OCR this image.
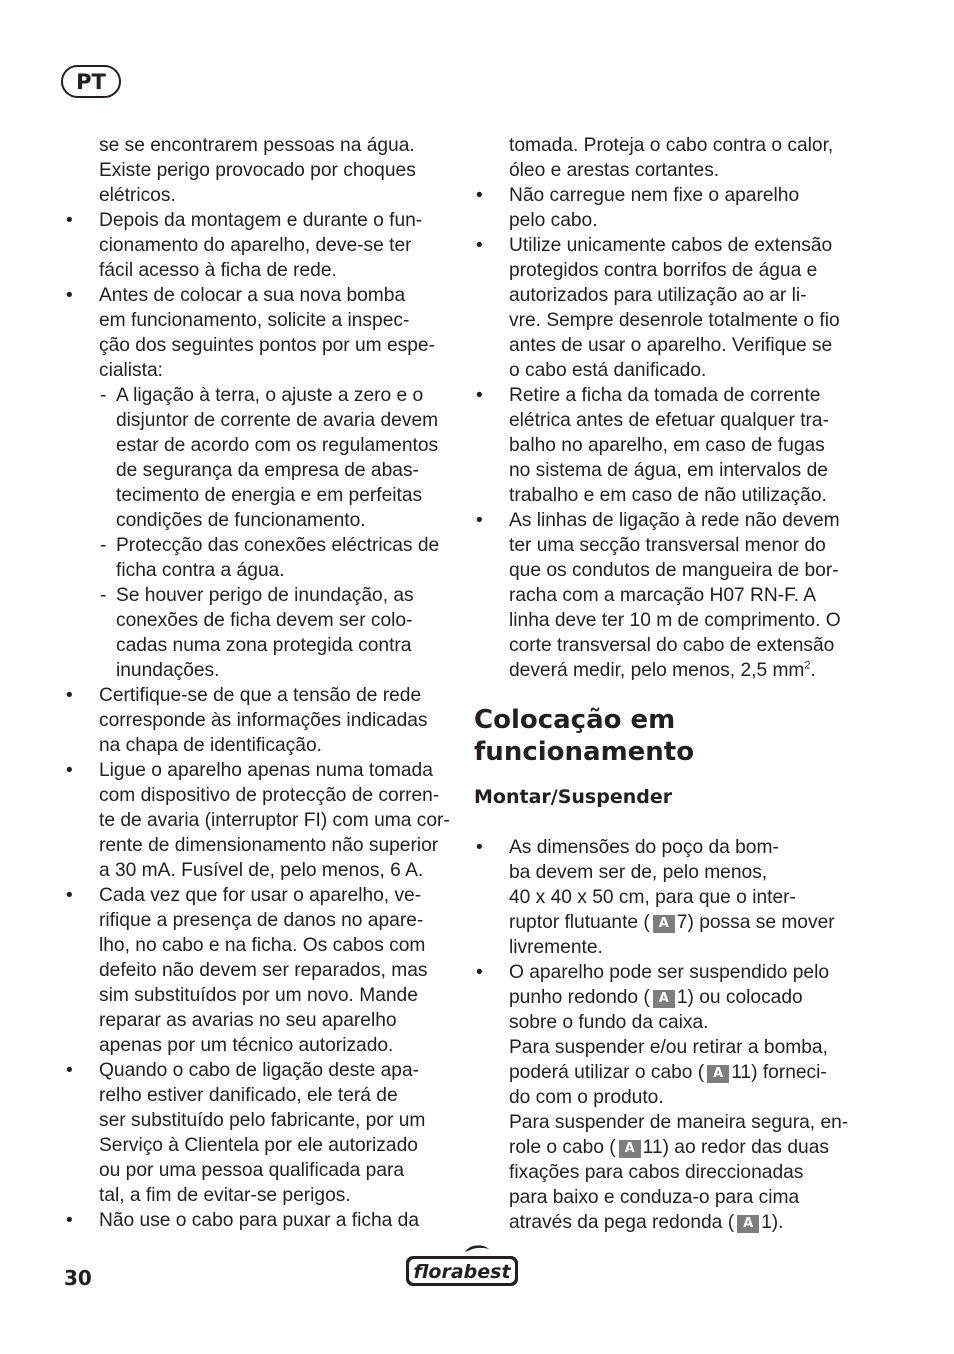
PT
se se encontrarem pessoas na água.
Existe perigo provocado por choques
elétricos.
• Depois da montagem e durante o fun-
cionamento do aparelho, deve-se ter
fácil acesso à ficha de rede.
• Antes de colocar a sua nova bomba
em funcionamento, solicite a inspec-
ção dos seguintes pontos por um espe-
cialista:
- A ligação à terra, o ajuste a zero e o
disjuntor de corrente de avaria devem
estar de acordo com os regulamentos
de segurança da empresa de abas-
tecimento de energia e em perfeitas
condições de funcionamento.
- Protecção das conexões eléctricas de
ficha contra a água.
- Se houver perigo de inundação, as
conexões de ficha devem ser colo-
cadas numa zona protegida contra
inundações.
• Certifique-se de que a tensão de rede
corresponde às informações indicadas
na chapa de identificação.
• Ligue o aparelho apenas numa tomada
com dispositivo de protecção de corren-
te de avaria (interruptor FI) com uma cor-
rente de dimensionamento não superior
a 30 mA. Fusível de, pelo menos, 6 A.
• Cada vez que for usar o aparelho, ve-
rifique a presença de danos no apare-
lho, no cabo e na ficha. Os cabos com
defeito não devem ser reparados, mas
sim substituídos por um novo. Mande
reparar as avarias no seu aparelho
apenas por um técnico autorizado.
• Quando o cabo de ligação deste apa-
relho estiver danificado, ele terá de
ser substituído pelo fabricante, por um
Serviço à Clientela por ele autorizado
ou por uma pessoa qualificada para
tal, a fim de evitar-se perigos.
• Não use o cabo para puxar a ficha da
tomada. Proteja o cabo contra o calor,
óleo e arestas cortantes.
• Não carregue nem fixe o aparelho
pelo cabo.
• Utilize unicamente cabos de extensão
protegidos contra borrifos de água e
autorizados para utilização ao ar li-
vre. Sempre desenrole totalmente o fio
antes de usar o aparelho. Verifique se
o cabo está danificado.
• Retire a ficha da tomada de corrente
elétrica antes de efetuar qualquer tra-
balho no aparelho, em caso de fugas
no sistema de água, em intervalos de
trabalho e em caso de não utilização.
• As linhas de ligação à rede não devem
ter uma secção transversal menor do
que os condutos de mangueira de bor-
racha com a marcação H07 RN-F. A
linha deve ter 10 m de comprimento. O
corte transversal do cabo de extensão
deverá medir, pelo menos, 2,5 $mm^2$.
Colocação em
funcionamento
Montar/Suspender
• As dimensões do poço da bom-
ba devem ser de, pelo menos,
40 x 40 x 50 cm, para que o inter-
ruptor flutuante ( A 7) possa se mover
livremente.
• O aparelho pode ser suspendido pelo
punho redondo ( A 1) ou colocado
sobre o fundo da caixa.
Para suspender e/ou retirar a bomba,
poderá utilizar o cabo ( A 11) forneci-
do com o produto.
Para suspender de maneira segura, en-
role o cabo ( A 11) ao redor das duas
fixações para cabos direccionadas
para baixo e conduza-o para cima
através da pega redonda ( A 1).
30	florabest
